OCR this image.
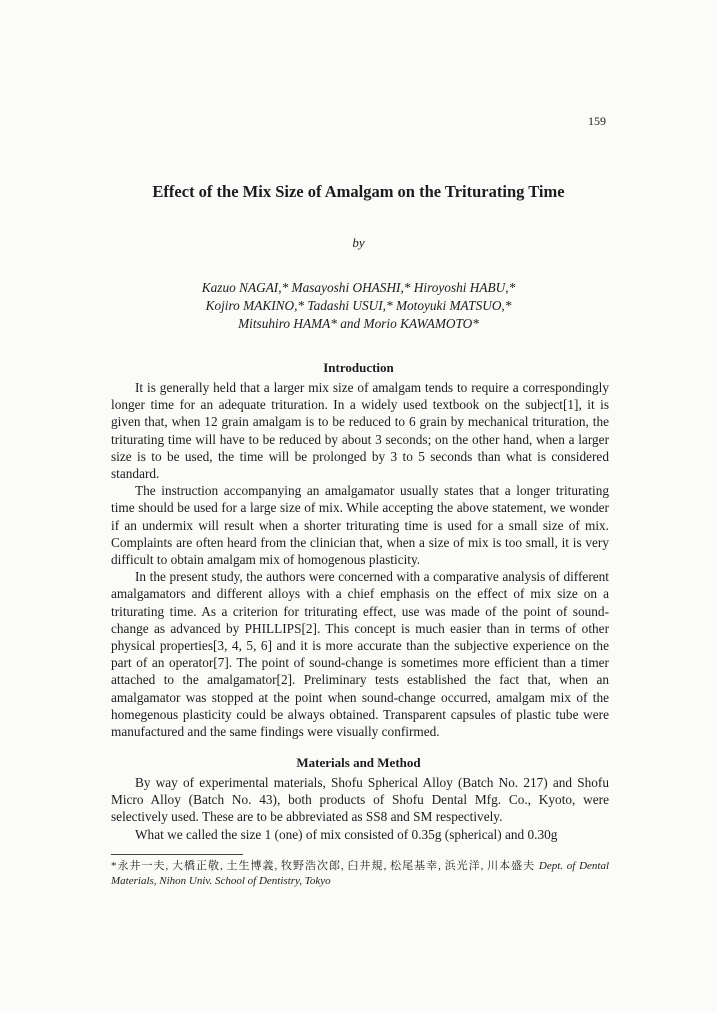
159
Effect of the Mix Size of Amalgam on the Triturating Time
by
Kazuo NAGAI,* Masayoshi OHASHI,* Hiroyoshi HABU,*
Kojiro MAKINO,* Tadashi USUI,* Motoyuki MATSUO,*
Mitsuhiro HAMA* and Morio KAWAMOTO*
Introduction

It is generally held that a larger mix size of amalgam tends to require a correspondingly longer time for an adequate trituration. In a widely used textbook on the subject[1], it is given that, when 12 grain amalgam is to be reduced to 6 grain by mechanical trituration, the triturating time will have to be reduced by about 3 seconds; on the other hand, when a larger size is to be used, the time will be prolonged by 3 to 5 seconds than what is considered standard.

The instruction accompanying an amalgamator usually states that a longer triturating time should be used for a large size of mix. While accepting the above statement, we wonder if an undermix will result when a shorter triturating time is used for a small size of mix. Complaints are often heard from the clinician that, when a size of mix is too small, it is very difficult to obtain amalgam mix of homogenous plasticity.

In the present study, the authors were concerned with a comparative analysis of different amalgamators and different alloys with a chief emphasis on the effect of mix size on a triturating time. As a criterion for triturating effect, use was made of the point of sound-change as advanced by PHILLIPS[2]. This concept is much easier than in terms of other physical properties[3, 4, 5, 6] and it is more accurate than the subjective experience on the part of an operator[7]. The point of sound-change is sometimes more efficient than a timer attached to the amalgamator[2]. Preliminary tests established the fact that, when an amalgamator was stopped at the point when sound-change occurred, amalgam mix of the homegenous plasticity could be always obtained. Transparent capsules of plastic tube were manufactured and the same findings were visually confirmed.

Materials and Method

By way of experimental materials, Shofu Spherical Alloy (Batch No. 217) and Shofu Micro Alloy (Batch No. 43), both products of Shofu Dental Mfg. Co., Kyoto, were selectively used. These are to be abbreviated as SS8 and SM respectively.

What we called the size 1 (one) of mix consisted of 0.35g (spherical) and 0.30g

*永井一夫, 大橋正敬, 土生博義, 牧野浩次郎, 臼井規, 松尾基幸, 浜光洋, 川本盛夫 Dept. of Dental Materials, Nihon Univ. School of Dentistry, Tokyo
